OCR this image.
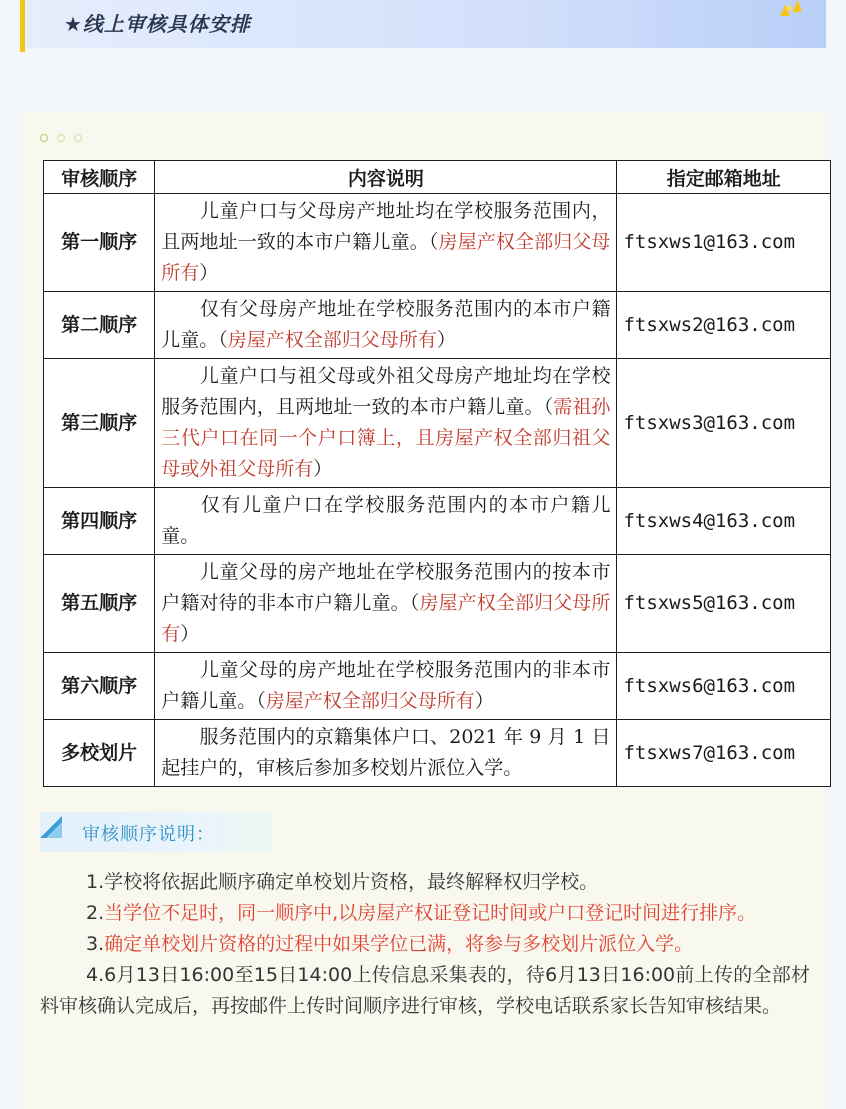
★线上审核具体安排
审核顺序	内容说明	指定邮箱地址
第一顺序	儿童户口与父母房产地址均在学校服务范围内，且两地址一致的本市户籍儿童。（房屋产权全部归父母所有）	ftsxws1@163.com
第二顺序	仅有父母房产地址在学校服务范围内的本市户籍儿童。（房屋产权全部归父母所有）	ftsxws2@163.com
第三顺序	儿童户口与祖父母或外祖父母房产地址均在学校服务范围内，且两地址一致的本市户籍儿童。（需祖孙三代户口在同一个户口簿上，且房屋产权全部归祖父母或外祖父母所有）	ftsxws3@163.com
第四顺序	仅有儿童户口在学校服务范围内的本市户籍儿童。	ftsxws4@163.com
第五顺序	儿童父母的房产地址在学校服务范围内的按本市户籍对待的非本市户籍儿童。（房屋产权全部归父母所有）	ftsxws5@163.com
第六顺序	儿童父母的房产地址在学校服务范围内的非本市户籍儿童。（房屋产权全部归父母所有）	ftsxws6@163.com
多校划片	服务范围内的京籍集体户口、2021 年 9 月 1 日起挂户的，审核后参加多校划片派位入学。	ftsxws7@163.com
审核顺序说明：

1.学校将依据此顺序确定单校划片资格，最终解释权归学校。

2.当学位不足时，同一顺序中,以房屋产权证登记时间或户口登记时间进行排序。

3.确定单校划片资格的过程中如果学位已满，将参与多校划片派位入学。

4.6月13日16:00至15日14:00上传信息采集表的，待6月13日16:00前上传的全部材料审核确认完成后，再按邮件上传时间顺序进行审核，学校电话联系家长告知审核结果。
